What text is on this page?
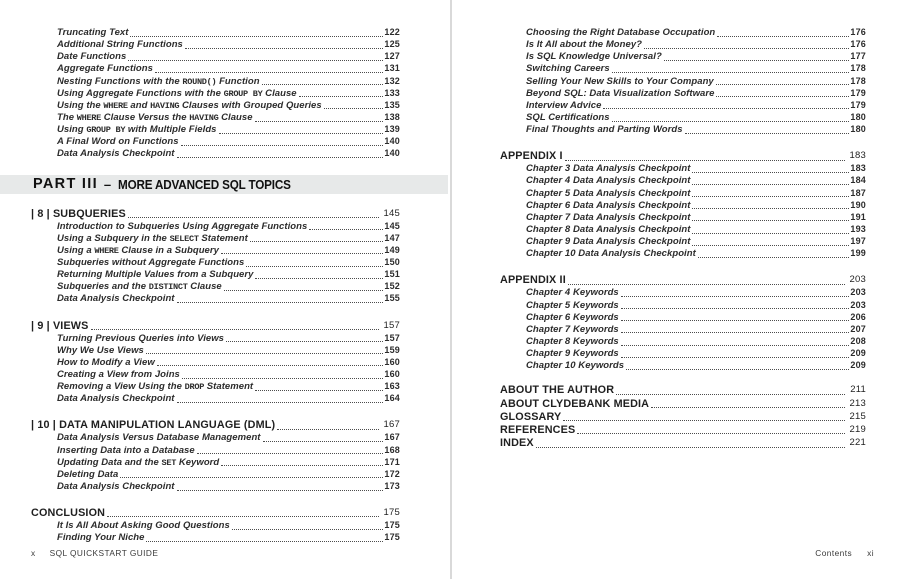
Truncating Text	122
Additional String Functions	125
Date Functions	127
Aggregate Functions	131
Nesting Functions with the ROUND() Function	132
Using Aggregate Functions with the GROUP BY Clause	133
Using the WHERE and HAVING Clauses with Grouped Queries	135
The WHERE Clause Versus the HAVING Clause	138
Using GROUP BY with Multiple Fields	139
A Final Word on Functions	140
Data Analysis Checkpoint	140
PART III – MORE ADVANCED SQL TOPICS
| 8 | SUBQUERIES	145
Introduction to Subqueries Using Aggregate Functions	145
Using a Subquery in the SELECT Statement	147
Using a WHERE Clause in a Subquery	149
Subqueries without Aggregate Functions	150
Returning Multiple Values from a Subquery	151
Subqueries and the DISTINCT Clause	152
Data Analysis Checkpoint	155
| 9 | VIEWS	157
Turning Previous Queries into Views	157
Why We Use Views	159
How to Modify a View	160
Creating a View from Joins	160
Removing a View Using the DROP Statement	163
Data Analysis Checkpoint	164
| 10 | DATA MANIPULATION LANGUAGE (DML)	167
Data Analysis Versus Database Management	167
Inserting Data into a Database	168
Updating Data and the SET Keyword	171
Deleting Data	172
Data Analysis Checkpoint	173
CONCLUSION	175
It Is All About Asking Good Questions	175
Finding Your Niche	175
Choosing the Right Database Occupation	176
Is It All about the Money?	176
Is SQL Knowledge Universal?	177
Switching Careers	178
Selling Your New Skills to Your Company	178
Beyond SQL: Data Visualization Software	179
Interview Advice	179
SQL Certifications	180
Final Thoughts and Parting Words	180
APPENDIX I	183
Chapter 3 Data Analysis Checkpoint	183
Chapter 4 Data Analysis Checkpoint	184
Chapter 5 Data Analysis Checkpoint	187
Chapter 6 Data Analysis Checkpoint	190
Chapter 7 Data Analysis Checkpoint	191
Chapter 8 Data Analysis Checkpoint	193
Chapter 9 Data Analysis Checkpoint	197
Chapter 10 Data Analysis Checkpoint	199
APPENDIX II	203
Chapter 4 Keywords	203
Chapter 5 Keywords	203
Chapter 6 Keywords	206
Chapter 7 Keywords	207
Chapter 8 Keywords	208
Chapter 9 Keywords	209
Chapter 10 Keywords	209
ABOUT THE AUTHOR	211
ABOUT CLYDEBANK MEDIA	213
GLOSSARY	215
REFERENCES	219
INDEX	221
x SQL QUICKSTART GUIDE	Contents xi
